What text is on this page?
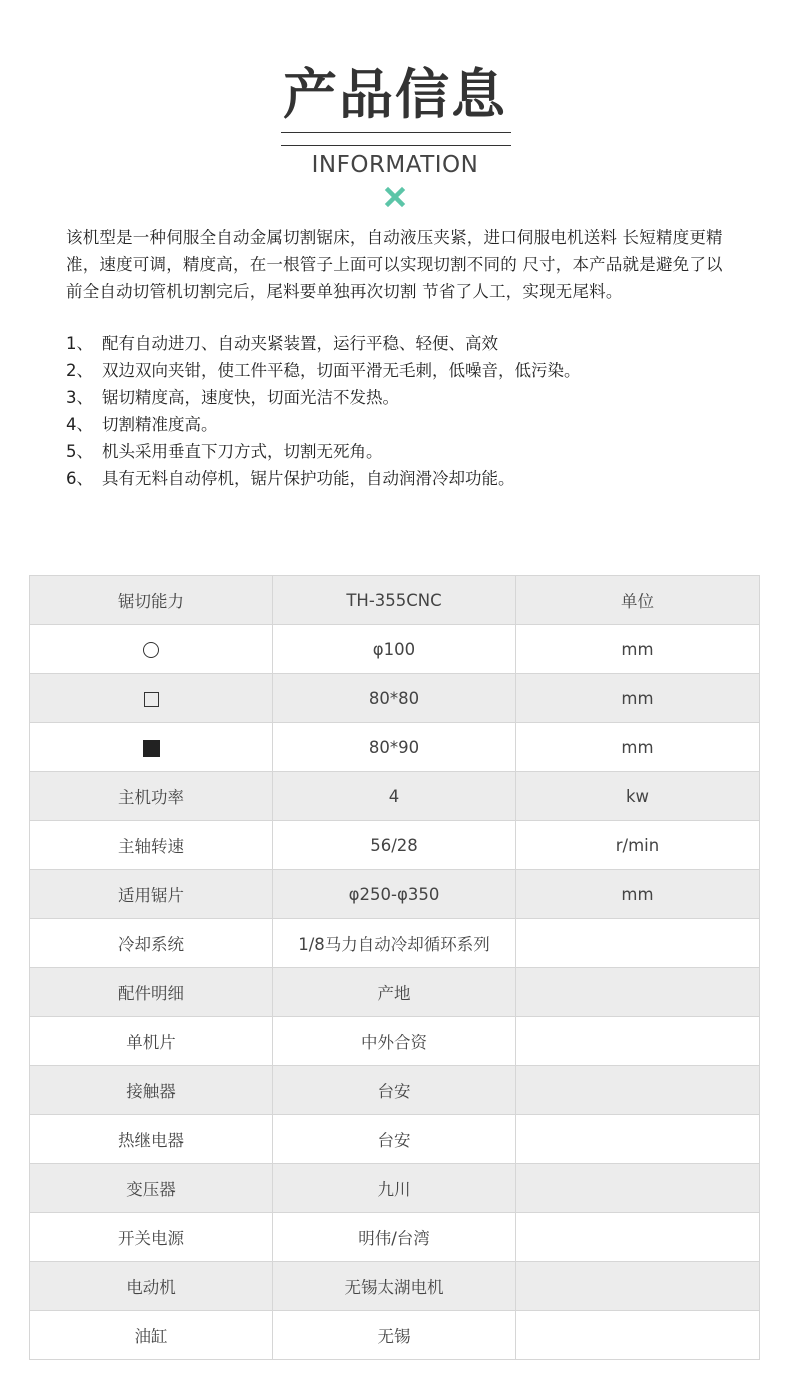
产品信息
INFORMATION

该机型是一种伺服全自动金属切割锯床，自动液压夹紧，进口伺服电机送料 长短精度更精准，速度可调，精度高，在一根管子上面可以实现切割不同的 尺寸，本产品就是避免了以前全自动切管机切割完后，尾料要单独再次切割 节省了人工，实现无尾料。

1、 配有自动进刀、自动夹紧装置，运行平稳、轻便、高效
2、 双边双向夹钳，使工件平稳，切面平滑无毛刺，低噪音，低污染。
3、 锯切精度高，速度快，切面光洁不发热。
4、 切割精准度高。
5、 机头采用垂直下刀方式，切割无死角。
6、 具有无料自动停机，锯片保护功能，自动润滑冷却功能。
锯切能力	TH-355CNC	单位
	φ100	mm
	80*80	mm
	80*90	mm
主机功率	4	kw
主轴转速	56/28	r/min
适用锯片	φ250-φ350	mm
冷却系统	1/8马力自动冷却循环系列	
配件明细	产地	
单机片	中外合资	
接触器	台安	
热继电器	台安	
变压器	九川	
开关电源	明伟/台湾	
电动机	无锡太湖电机	
油缸	无锡	
